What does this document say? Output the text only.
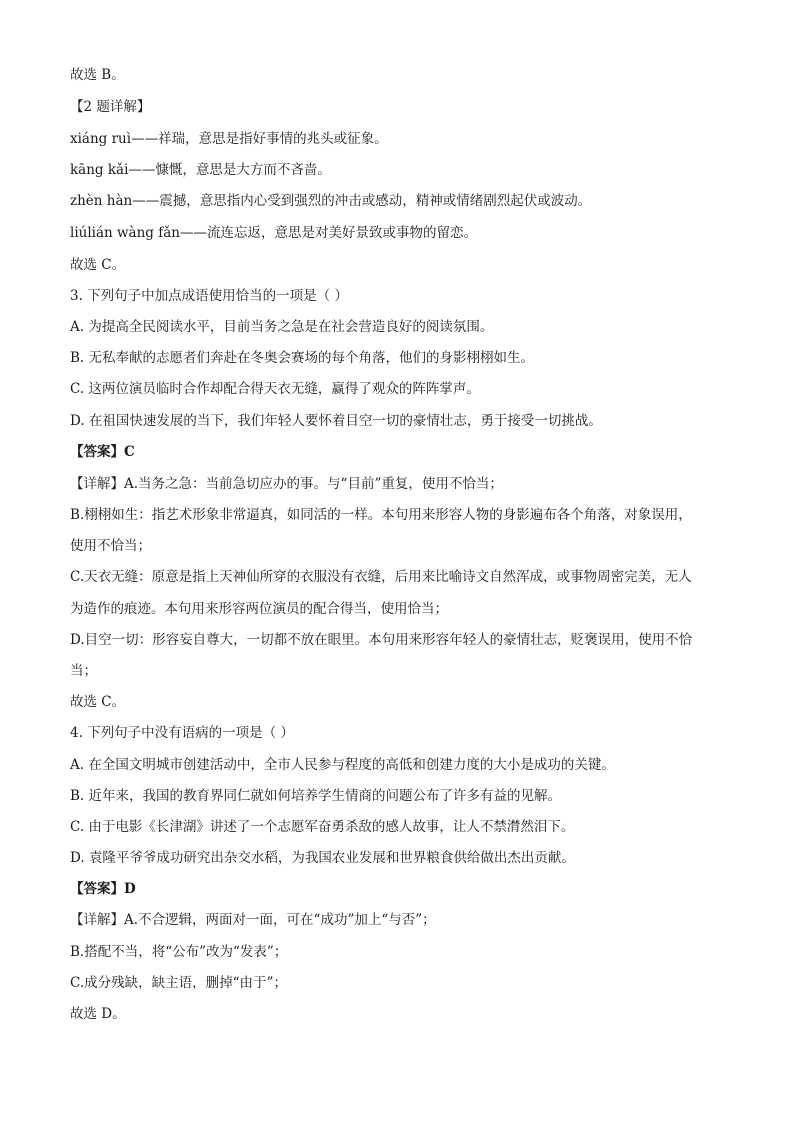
故选 B。
【2 题详解】
xiáng ruì——祥瑞，意思是指好事情的兆头或征象。
kāng kǎi——慷慨，意思是大方而不吝啬。
zhèn hàn——震撼，意思指内心受到强烈的冲击或感动，精神或情绪剧烈起伏或波动。
liúlián wàng fǎn——流连忘返，意思是对美好景致或事物的留恋。
故选 C。
3. 下列句子中加点成语使用恰当的一项是（ ）
A. 为提高全民阅读水平，目前当务之急是在社会营造良好的阅读氛围。
B. 无私奉献的志愿者们奔赴在冬奥会赛场的每个角落，他们的身影栩栩如生。
C. 这两位演员临时合作却配合得天衣无缝，赢得了观众的阵阵掌声。
D. 在祖国快速发展的当下，我们年轻人要怀着目空一切的豪情壮志，勇于接受一切挑战。
【答案】C
【详解】A.当务之急：当前急切应办的事。与“目前”重复，使用不恰当；
B.栩栩如生：指艺术形象非常逼真，如同活的一样。本句用来形容人物的身影遍布各个角落，对象误用，
使用不恰当；
C.天衣无缝：原意是指上天神仙所穿的衣服没有衣缝，后用来比喻诗文自然浑成，或事物周密完美，无人
为造作的痕迹。本句用来形容两位演员的配合得当，使用恰当；
D.目空一切：形容妄自尊大，一切都不放在眼里。本句用来形容年轻人的豪情壮志，贬褒误用，使用不恰
当；
故选 C。
4. 下列句子中没有语病的一项是（ ）
A. 在全国文明城市创建活动中，全市人民参与程度的高低和创建力度的大小是成功的关键。
B. 近年来，我国的教育界同仁就如何培养学生情商的问题公布了许多有益的见解。
C. 由于电影《长津湖》讲述了一个志愿军奋勇杀敌的感人故事，让人不禁潸然泪下。
D. 袁隆平爷爷成功研究出杂交水稻，为我国农业发展和世界粮食供给做出杰出贡献。
【答案】D
【详解】A.不合逻辑，两面对一面，可在“成功”加上“与否”；
B.搭配不当，将“公布”改为“发表”；
C.成分残缺，缺主语，删掉“由于”；
故选 D。
